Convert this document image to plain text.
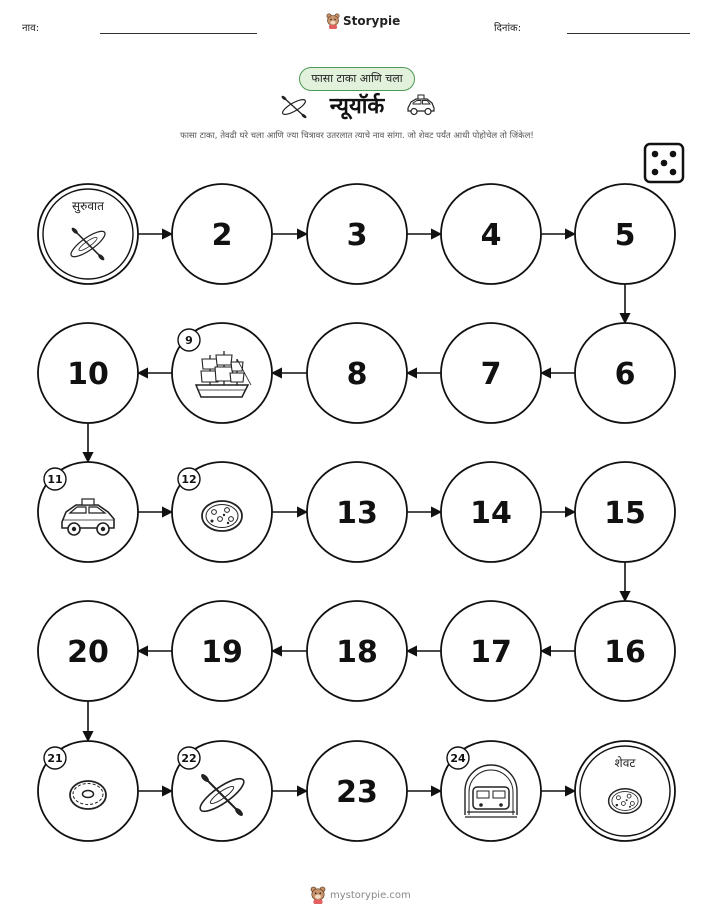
नाव:
Storypie
दिनांक:
फासा टाका आणि चला
न्यूयॉर्क
फासा टाका, तेवढी घरे चला आणि ज्या चित्रावर उतरलात त्याचे नाव सांगा. जो शेवट पर्यंत आधी पोहोचेल तो जिंकेल!
सुरुवात
2	3	4	5
6
7
8
9
10
11	12
13	14	15
16
17
18
19
20
21	22
23
24	शेवट
mystorypie.com
